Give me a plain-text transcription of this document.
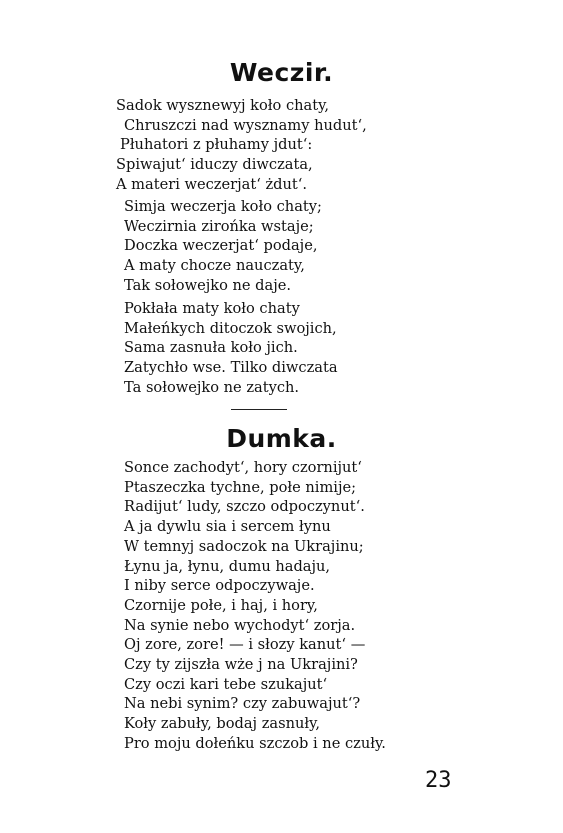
Weczir.
Sadok wysznewyj koło chaty,
Chruszczi nad wysznamy hudut‘,
Płuhatori z płuhamy jdut‘:
Spiwajut‘ iduczy diwczata,
A materi weczerjat‘ żdut‘.
Simja weczerja koło chaty;
Weczirnia zirońka wstaje;
Doczka weczerjat‘ podaje,
A maty chocze nauczaty,
Tak sołowejko ne daje.
Pokłała maty koło chaty
Małeńkych ditoczok swojich,
Sama zasnuła koło jich.
Zatychło wse. Tilko diwczata
Ta sołowejko ne zatych.
Dumka.
Sonce zachodyt‘, hory czornijut‘
Ptaszeczka tychne, połe nimije;
Radijut‘ ludy, szczo odpoczynut‘.
A ja dywlu sia i sercem łynu
W temnyj sadoczok na Ukrajinu;
Łynu ja, łynu, dumu hadaju,
I niby serce odpoczywaje.
Czornije połe, i haj, i hory,
Na synie nebo wychodyt‘ zorja.
Oj zore, zore! — i słozy kanut‘ —
Czy ty zijszła wże j na Ukrajini?
Czy oczi kari tebe szukajut‘
Na nebi synim? czy zabuwajut‘?
Koły zabuły, bodaj zasnuły,
Pro moju dołeńku szczob i ne czuły.
23
